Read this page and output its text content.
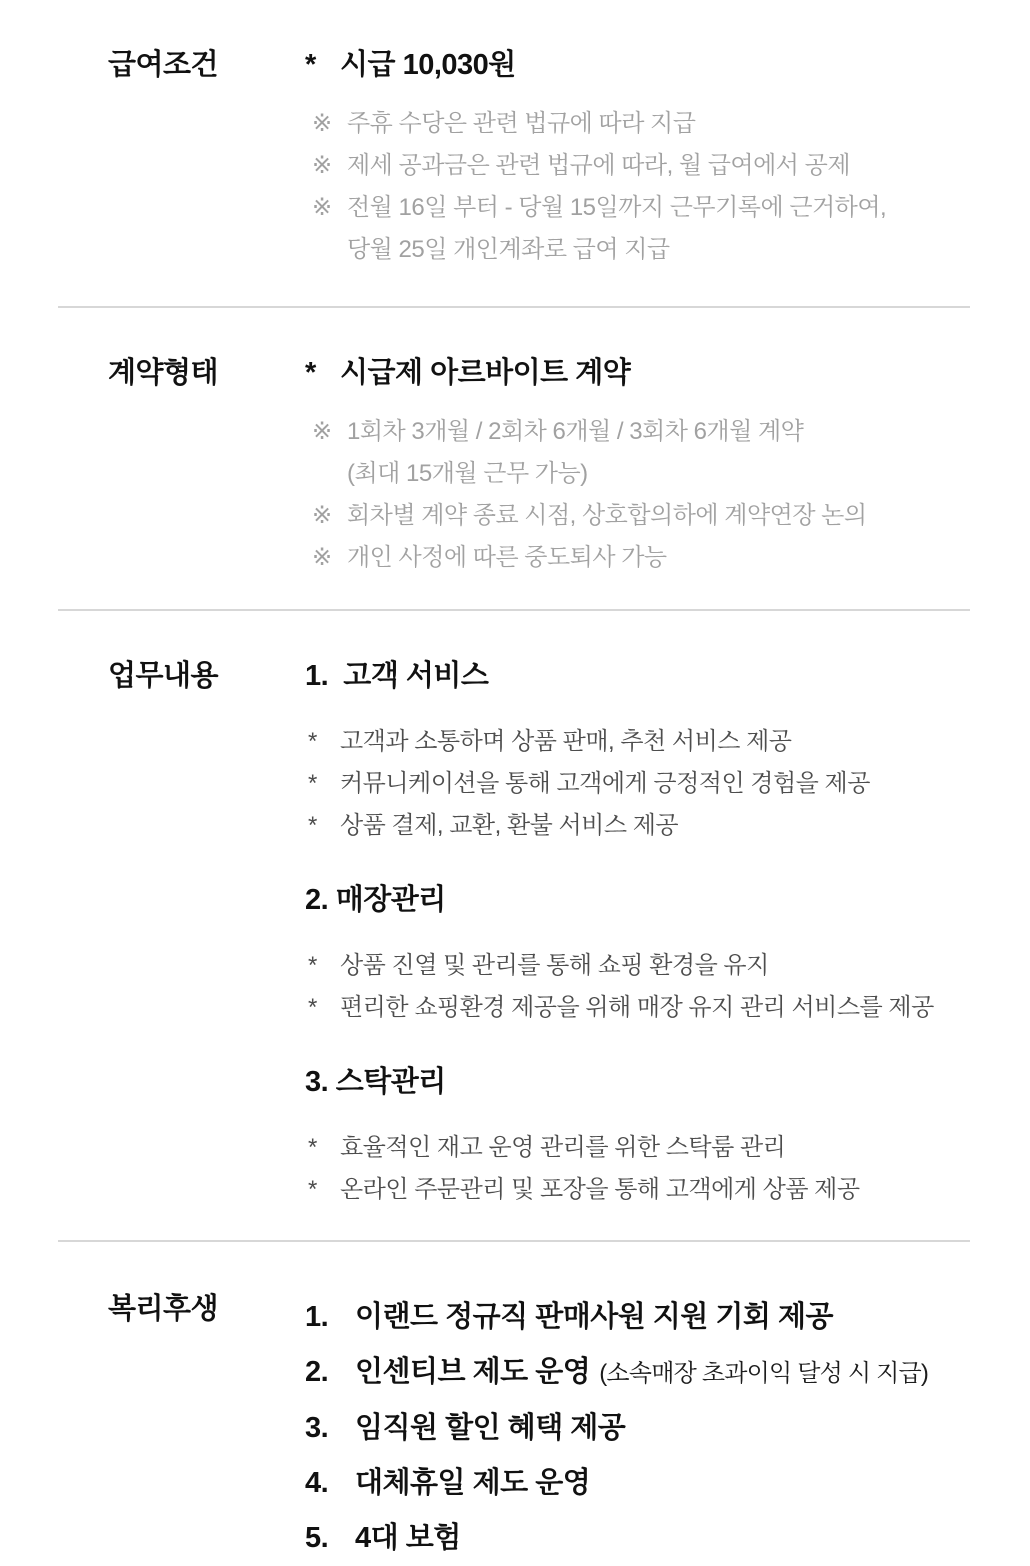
급여조건	* 시급 10,030원
※ 주휴 수당은 관련 법규에 따라 지급
※ 제세 공과금은 관련 법규에 따라, 월 급여에서 공제
※ 전월 16일 부터 - 당월 15일까지 근무기록에 근거하여,
당월 25일 개인계좌로 급여 지급
계약형태	* 시급제 아르바이트 계약
※ 1회차 3개월 / 2회차 6개월 / 3회차 6개월 계약
(최대 15개월 근무 가능)
※ 회차별 계약 종료 시점, 상호합의하에 계약연장 논의
※ 개인 사정에 따른 중도퇴사 가능
업무내용	1.  고객 서비스
* 고객과 소통하며 상품 판매, 추천 서비스 제공
* 커뮤니케이션을 통해 고객에게 긍정적인 경험을 제공
* 상품 결제, 교환, 환불 서비스 제공
2. 매장관리
* 상품 진열 및 관리를 통해 쇼핑 환경을 유지
* 편리한 쇼핑환경 제공을 위해 매장 유지 관리 서비스를 제공
3. 스탁관리
* 효율적인 재고 운영 관리를 위한 스탁룸 관리
* 온라인 주문관리 및 포장을 통해 고객에게 상품 제공
복리후생	1. 이랜드 정규직 판매사원 지원 기회 제공
2. 인센티브 제도 운영 (소속매장 초과이익 달성 시 지급)
3. 임직원 할인 혜택 제공
4. 대체휴일 제도 운영
5. 4대 보험
